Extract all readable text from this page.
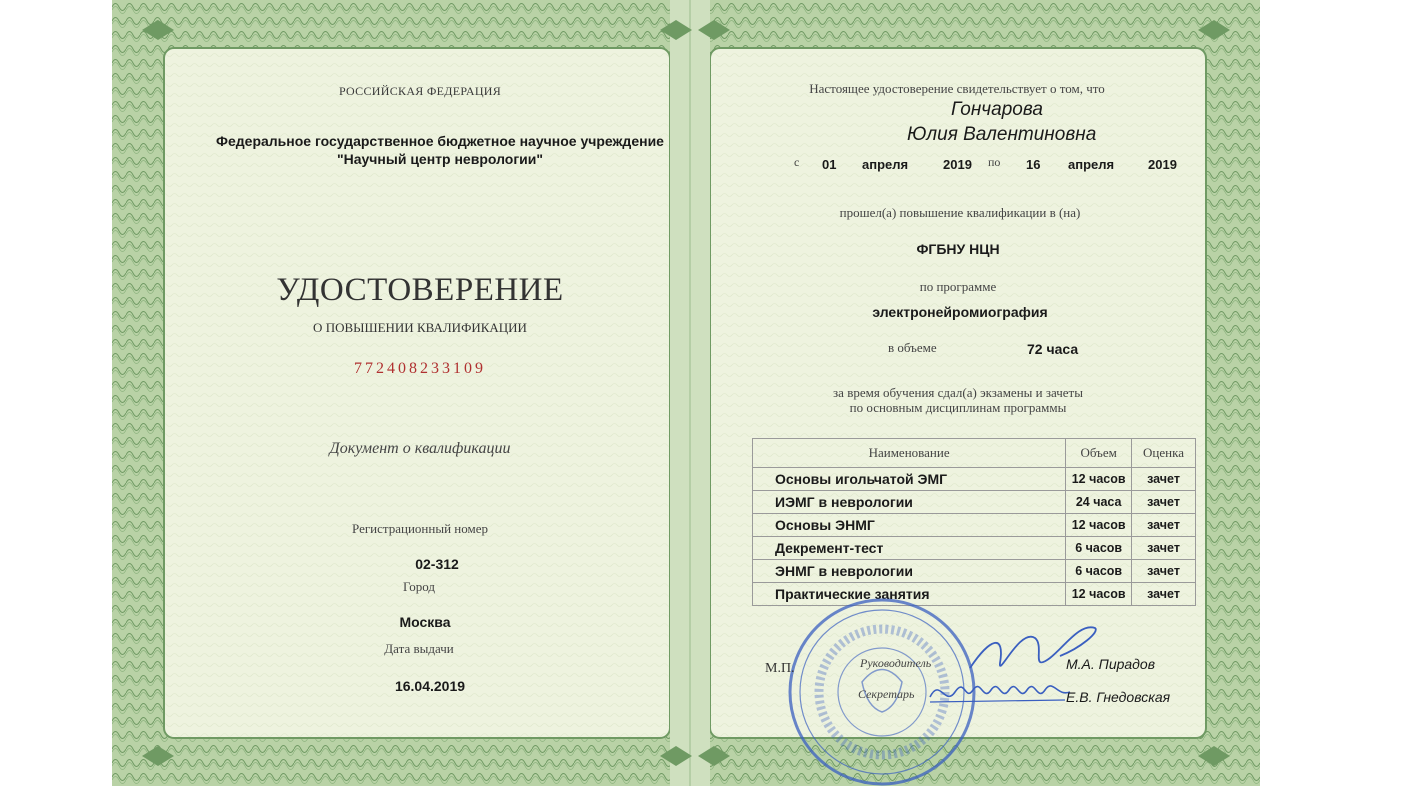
РОССИЙСКАЯ ФЕДЕРАЦИЯ
Федеральное государственное бюджетное научное учреждение
"Научный центр неврологии"
УДОСТОВЕРЕНИЕ
О ПОВЫШЕНИИ КВАЛИФИКАЦИИ
772408233109
Документ о квалификации
Регистрационный номер
02-312
Город
Москва
Дата выдачи
16.04.2019
Настоящее удостоверение свидетельствует о том, что
Гончарова
Юлия Валентиновна
с 01 апреля	2019 по 16 апреля	2019
прошел(а) повышение квалификации в (на)
ФГБНУ НЦН
по программе
электронейромиография
в объеме	72 часа
за время обучения сдал(а) экзамены и зачеты
по основным дисциплинам программы
Наименование	Объем	Оценка
Основы игольчатой ЭМГ	12 часов	зачет
ИЭМГ в неврологии	24 часа	зачет
Основы ЭНМГ	12 часов	зачет
Декремент-тест	6 часов	зачет
ЭНМГ в неврологии	6 часов	зачет
Практические занятия	12 часов	зачет
М.П.	Руководитель	М.А. Пирадов
Секретарь	Е.В. Гнедовская
